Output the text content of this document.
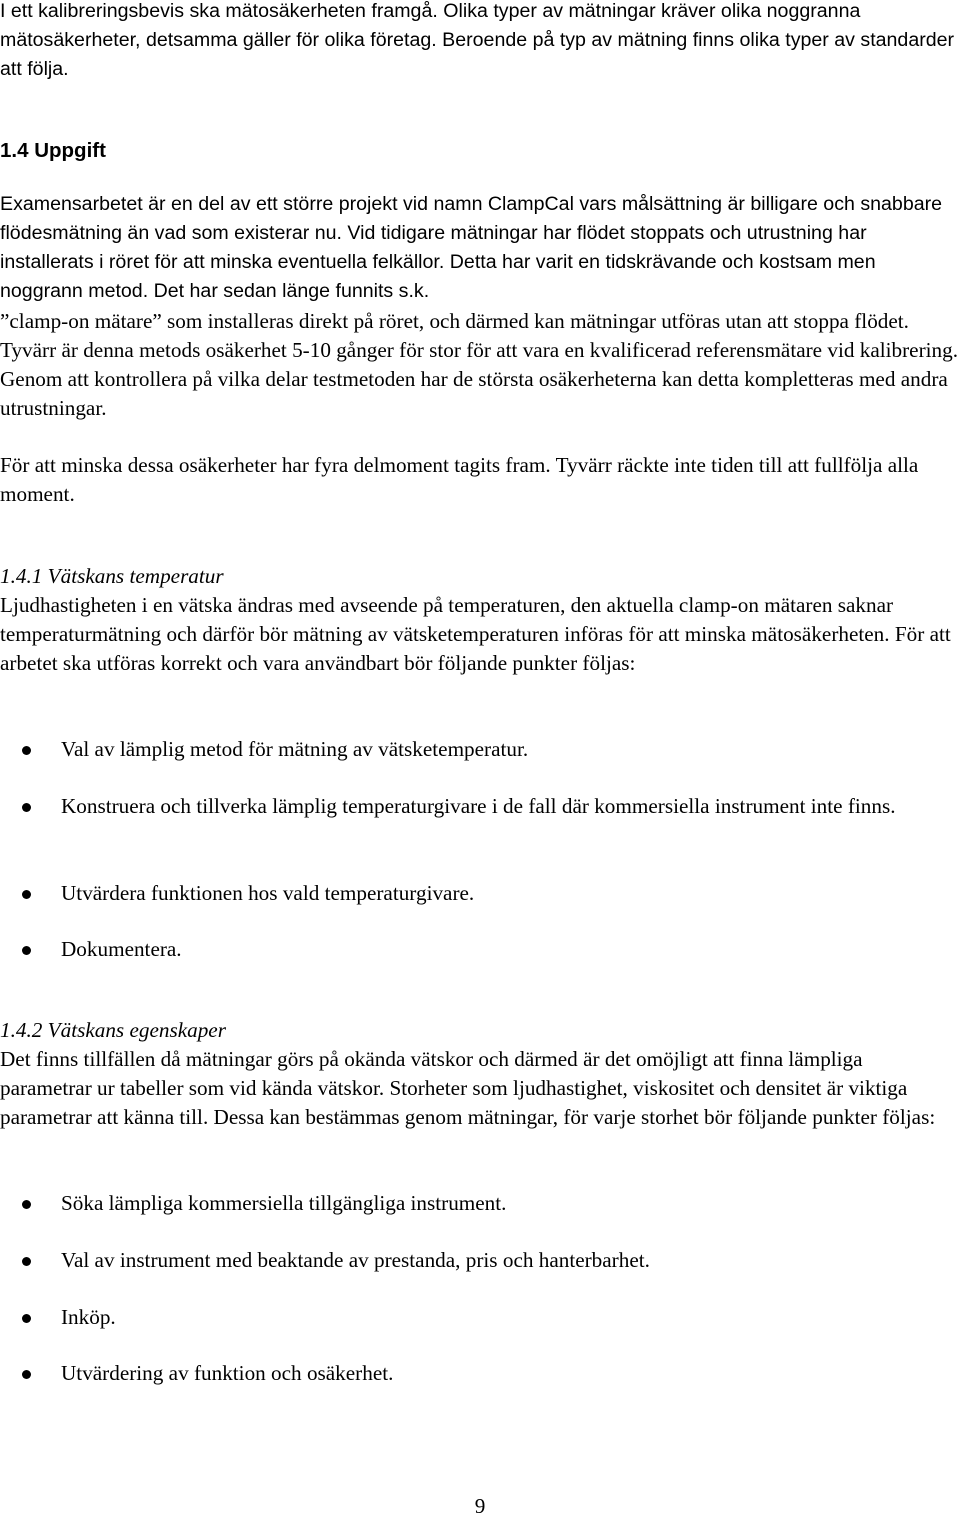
I ett kalibreringsbevis ska mätosäkerheten framgå. Olika typer av mätningar kräver olika noggranna mätosäkerheter, detsamma gäller för olika företag. Beroende på typ av mätning finns olika typer av standarder att följa.

1.4 Uppgift

Examensarbetet är en del av ett större projekt vid namn ClampCal vars målsättning är billigare och snabbare flödesmätning än vad som existerar nu. Vid tidigare mätningar har flödet stoppats och utrustning har installerats i röret för att minska eventuella felkällor. Detta har varit en tidskrävande och kostsam men noggrann metod. Det har sedan länge funnits s.k.

”clamp-on mätare” som installeras direkt på röret, och därmed kan mätningar utföras utan att stoppa flödet. Tyvärr är denna metods osäkerhet 5-10 gånger för stor för att vara en kvalificerad referensmätare vid kalibrering. Genom att kontrollera på vilka delar testmetoden har de största osäkerheterna kan detta kompletteras med andra utrustningar.

För att minska dessa osäkerheter har fyra delmoment tagits fram. Tyvärr räckte inte tiden till att fullfölja alla moment.

1.4.1 Vätskans temperatur

Ljudhastigheten i en vätska ändras med avseende på temperaturen, den aktuella clamp-on mätaren saknar temperaturmätning och därför bör mätning av vätsketemperaturen införas för att minska mätosäkerheten. För att arbetet ska utföras korrekt och vara användbart bör följande punkter följas:

Val av lämplig metod för mätning av vätsketemperatur.
Konstruera och tillverka lämplig temperaturgivare i de fall där kommersiella instrument inte finns.
Utvärdera funktionen hos vald temperaturgivare.
Dokumentera.
1.4.2 Vätskans egenskaper

Det finns tillfällen då mätningar görs på okända vätskor och därmed är det omöjligt att finna lämpliga parametrar ur tabeller som vid kända vätskor. Storheter som ljudhastighet, viskositet och densitet är viktiga parametrar att känna till. Dessa kan bestämmas genom mätningar, för varje storhet bör följande punkter följas:

Söka lämpliga kommersiella tillgängliga instrument.
Val av instrument med beaktande av prestanda, pris och hanterbarhet.
Inköp.
Utvärdering av funktion och osäkerhet.
9
